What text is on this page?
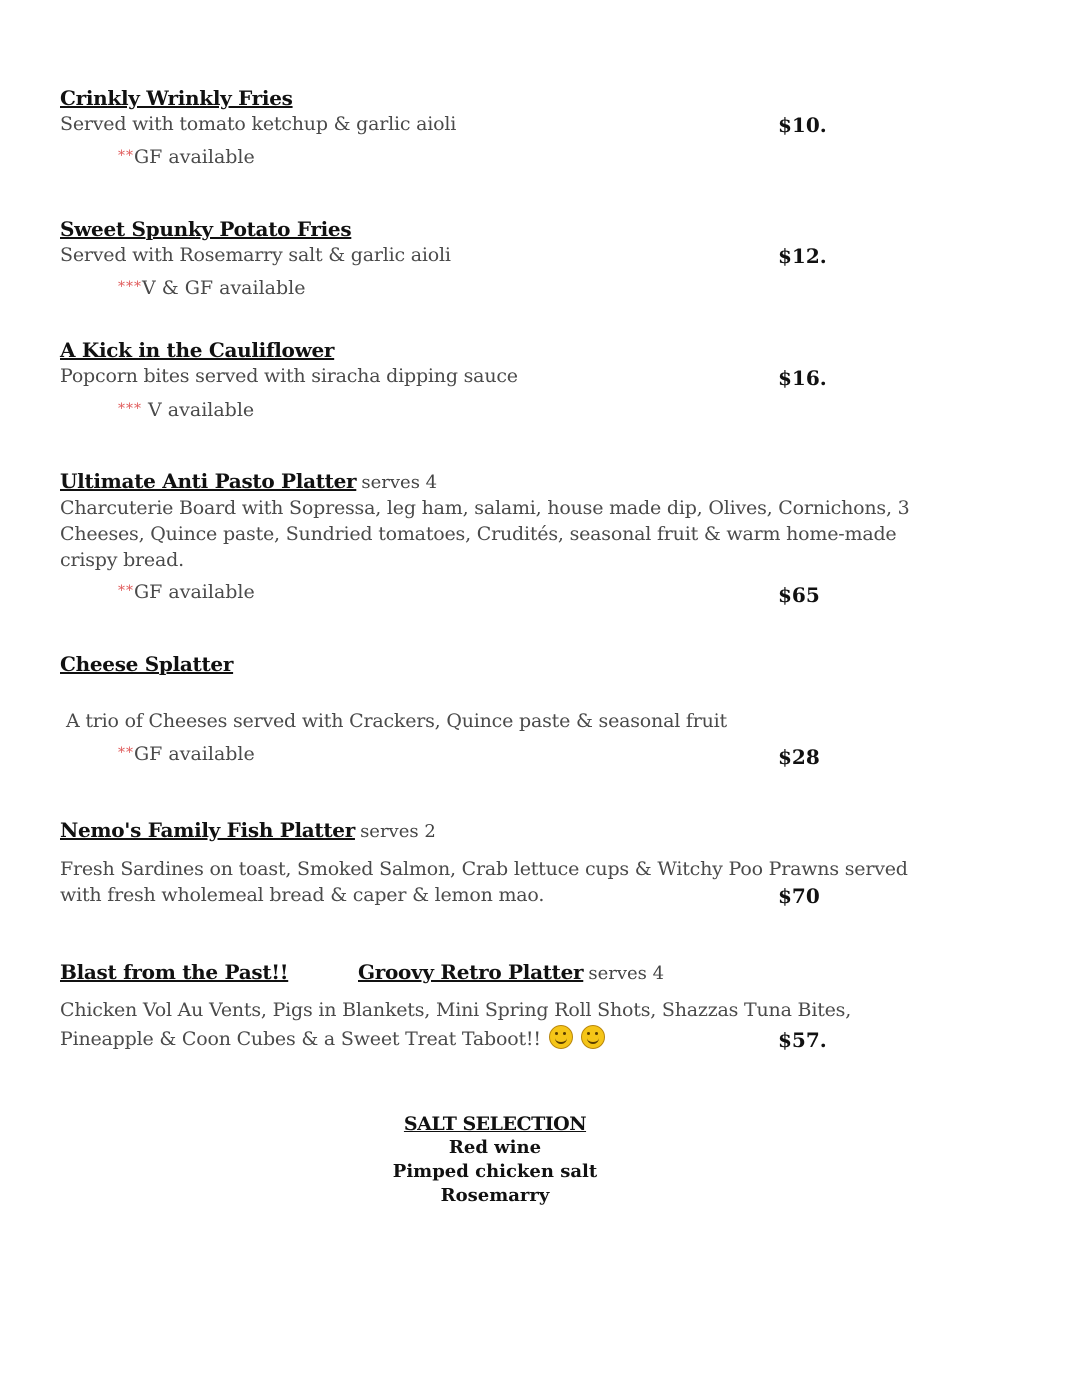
Crinkly Wrinkly Fries
Served with tomato ketchup & garlic aioli	$10.
**GF available
Sweet Spunky Potato Fries
Served with Rosemarry salt & garlic aioli	$12.
***V & GF available
A Kick in the Cauliflower
Popcorn bites served with siracha dipping sauce	$16.
*** V available
Ultimate Anti Pasto Platter serves 4
Charcuterie Board with Sopressa, leg ham, salami, house made dip, Olives, Cornichons, 3
Cheeses, Quince paste, Sundried tomatoes, Crudités, seasonal fruit & warm home-made
crispy bread.
**GF available	$65
Cheese Splatter
A trio of Cheeses served with Crackers, Quince paste & seasonal fruit
**GF available	$28
Nemo's Family Fish Platter serves 2
Fresh Sardines on toast, Smoked Salmon, Crab lettuce cups & Witchy Poo Prawns served
with fresh wholemeal bread & caper & lemon mao.	$70
Blast from the Past!!	Groovy Retro Platter serves 4
Chicken Vol Au Vents, Pigs in Blankets, Mini Spring Roll Shots, Shazzas Tuna Bites,
Pineapple & Coon Cubes & a Sweet Treat Taboot!!	$57.
SALT SELECTION
Red wine
Pimped chicken salt
Rosemarry
